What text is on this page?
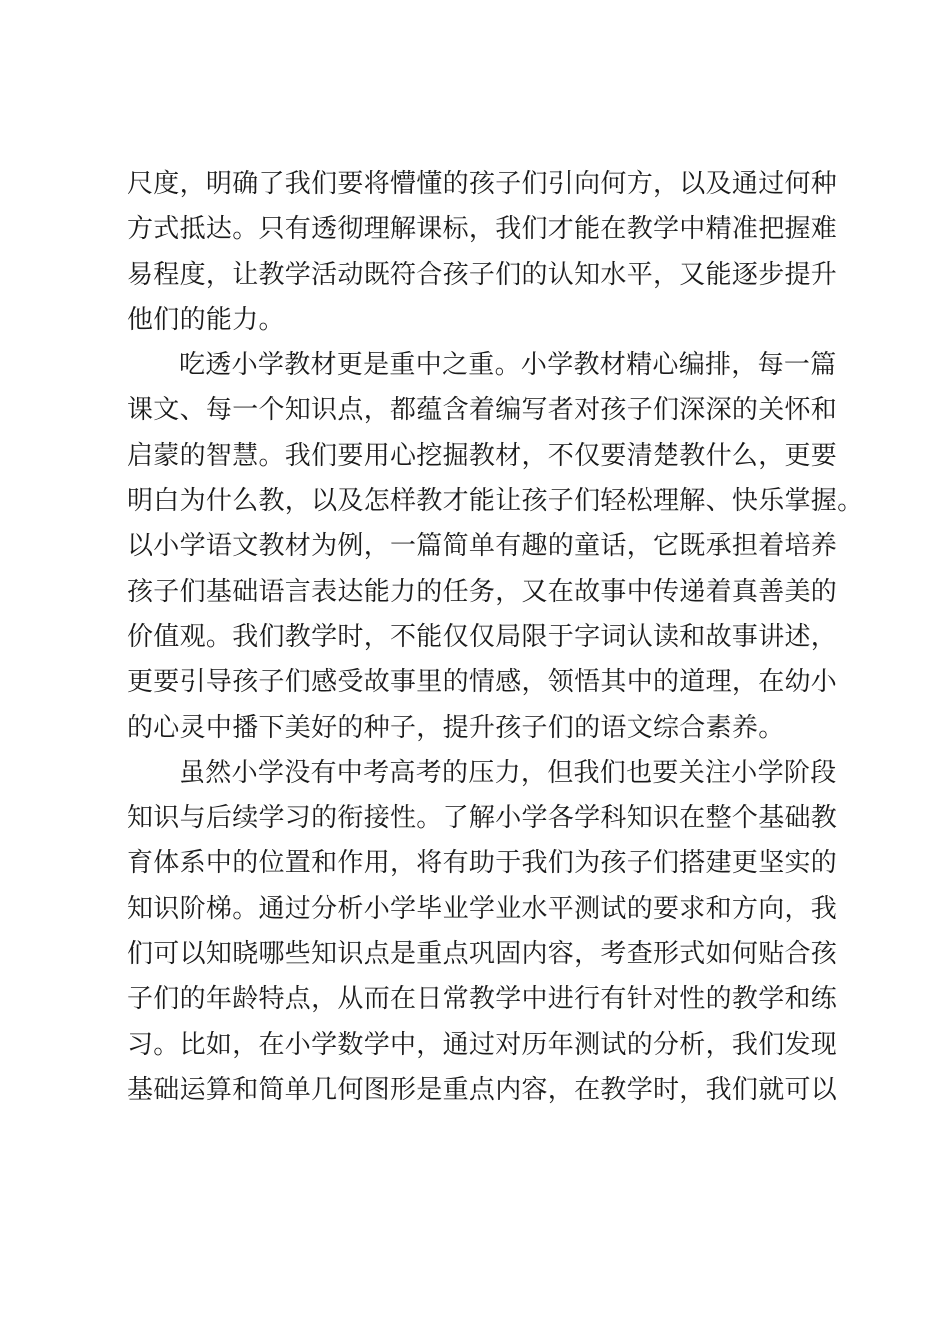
尺度，明确了我们要将懵懂的孩子们引向何方，以及通过何种
方式抵达。只有透彻理解课标，我们才能在教学中精准把握难
易程度，让教学活动既符合孩子们的认知水平，又能逐步提升
他们的能力。
吃透小学教材更是重中之重。小学教材精心编排，每一篇
课文、每一个知识点，都蕴含着编写者对孩子们深深的关怀和
启蒙的智慧。我们要用心挖掘教材，不仅要清楚教什么，更要
明白为什么教，以及怎样教才能让孩子们轻松理解、快乐掌握。
以小学语文教材为例，一篇简单有趣的童话，它既承担着培养
孩子们基础语言表达能力的任务，又在故事中传递着真善美的
价值观。我们教学时，不能仅仅局限于字词认读和故事讲述，
更要引导孩子们感受故事里的情感，领悟其中的道理，在幼小
的心灵中播下美好的种子，提升孩子们的语文综合素养。
虽然小学没有中考高考的压力，但我们也要关注小学阶段
知识与后续学习的衔接性。了解小学各学科知识在整个基础教
育体系中的位置和作用，将有助于我们为孩子们搭建更坚实的
知识阶梯。通过分析小学毕业学业水平测试的要求和方向，我
们可以知晓哪些知识点是重点巩固内容，考查形式如何贴合孩
子们的年龄特点，从而在日常教学中进行有针对性的教学和练
习。比如，在小学数学中，通过对历年测试的分析，我们发现
基础运算和简单几何图形是重点内容，在教学时，我们就可以
